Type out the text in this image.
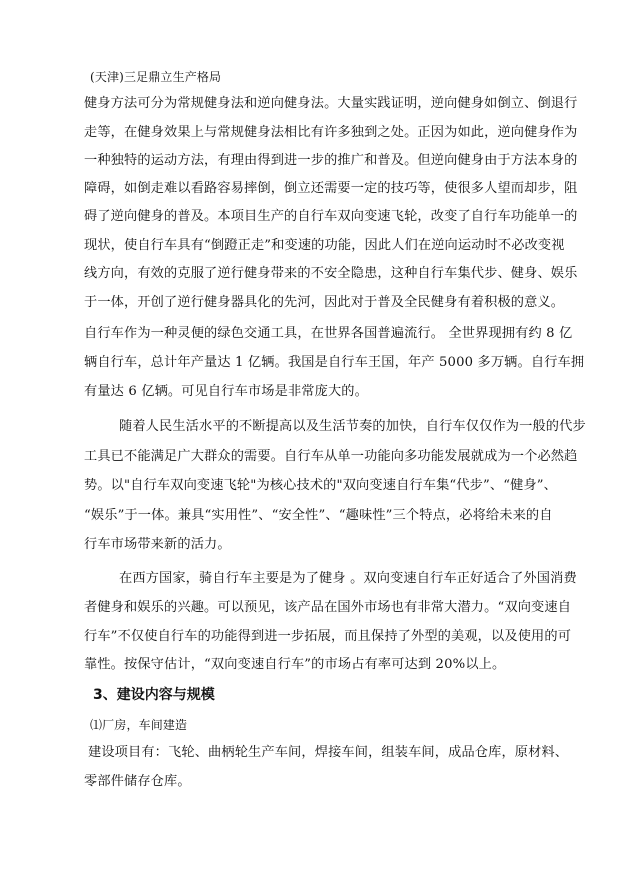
(天津)三足鼎立生产格局
健身方法可分为常规健身法和逆向健身法。大量实践证明，逆向健身如倒立、倒退行
走等，在健身效果上与常规健身法相比有许多独到之处。正因为如此，逆向健身作为
一种独特的运动方法，有理由得到进一步的推广和普及。但逆向健身由于方法本身的
障碍，如倒走难以看路容易摔倒，倒立还需要一定的技巧等，使很多人望而却步，阻
碍了逆向健身的普及。本项目生产的自行车双向变速飞轮，改变了自行车功能单一的
现状，使自行车具有“倒蹬正走”和变速的功能，因此人们在逆向运动时不必改变视
线方向，有效的克服了逆行健身带来的不安全隐患，这种自行车集代步、健身、娱乐
于一体，开创了逆行健身器具化的先河，因此对于普及全民健身有着积极的意义。
自行车作为一种灵便的绿色交通工具，在世界各国普遍流行。 全世界现拥有约 8 亿
辆自行车，总计年产量达 1 亿辆。我国是自行车王国，年产 5000 多万辆。自行车拥
有量达 6 亿辆。可见自行车市场是非常庞大的。
随着人民生活水平的不断提高以及生活节奏的加快，自行车仅仅作为一般的代步
工具已不能满足广大群众的需要。自行车从单一功能向多功能发展就成为一个必然趋
势。以"自行车双向变速飞轮"为核心技术的"双向变速自行车集“代步”、“健身”、
“娱乐”于一体。兼具“实用性”、“安全性”、“趣味性”三个特点，必将给未来的自
行车市场带来新的活力。
在西方国家，骑自行车主要是为了健身 。双向变速自行车正好适合了外国消费
者健身和娱乐的兴趣。可以预见，该产品在国外市场也有非常大潜力。“双向变速自
行车”不仅使自行车的功能得到进一步拓展，而且保持了外型的美观，以及使用的可
靠性。按保守估计，“双向变速自行车”的市场占有率可达到 20%以上。
3、建设内容与规模
⑴厂房，车间建造
建设项目有：飞轮、曲柄轮生产车间，焊接车间，组装车间，成品仓库，原材料、
零部件储存仓库。
